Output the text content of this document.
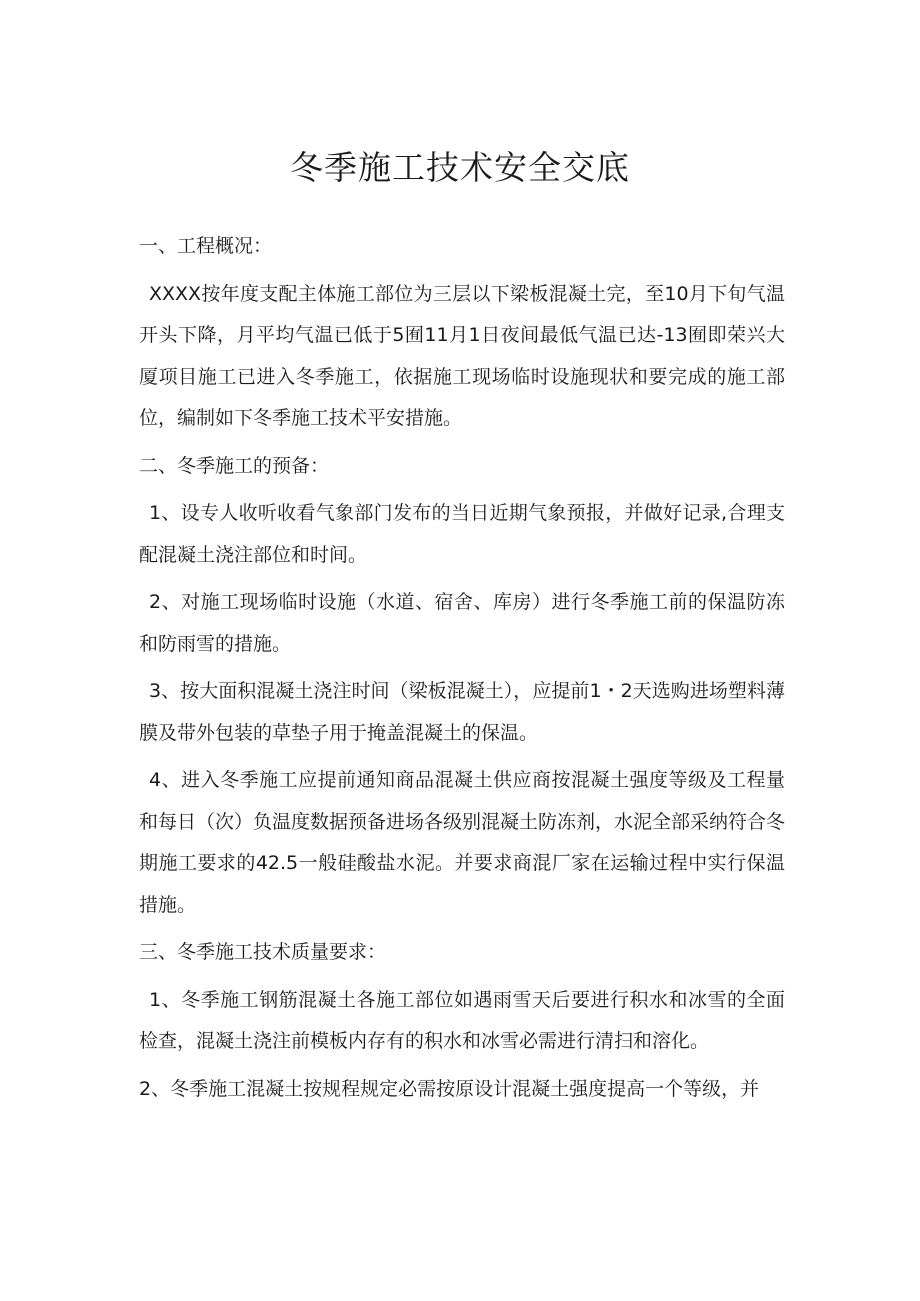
冬季施工技术安全交底

一、工程概况：

XXXX按年度支配主体施工部位为三层以下梁板混凝土完，至10月下旬气温开头下降，月平均气温已低于5囿11月1日夜间最低气温已达-13囿即荣兴大厦项目施工已进入冬季施工，依据施工现场临时设施现状和要完成的施工部位，编制如下冬季施工技术平安措施。

二、冬季施工的预备：

1、设专人收听收看气象部门发布的当日近期气象预报，并做好记录,合理支配混凝土浇注部位和时间。

2、对施工现场临时设施（水道、宿舍、库房）进行冬季施工前的保温防冻和防雨雪的措施。

3、按大面积混凝土浇注时间（梁板混凝土），应提前1・2天选购进场塑料薄膜及带外包装的草垫子用于掩盖混凝土的保温。

4、进入冬季施工应提前通知商品混凝土供应商按混凝土强度等级及工程量和每日（次）负温度数据预备进场各级别混凝土防冻剂，水泥全部采纳符合冬期施工要求的42.5一般硅酸盐水泥。并要求商混厂家在运输过程中实行保温措施。

三、冬季施工技术质量要求：

1、冬季施工钢筋混凝土各施工部位如遇雨雪天后要进行积水和冰雪的全面检查，混凝土浇注前模板内存有的积水和冰雪必需进行清扫和溶化。

2、冬季施工混凝土按规程规定必需按原设计混凝土强度提高一个等级，并
